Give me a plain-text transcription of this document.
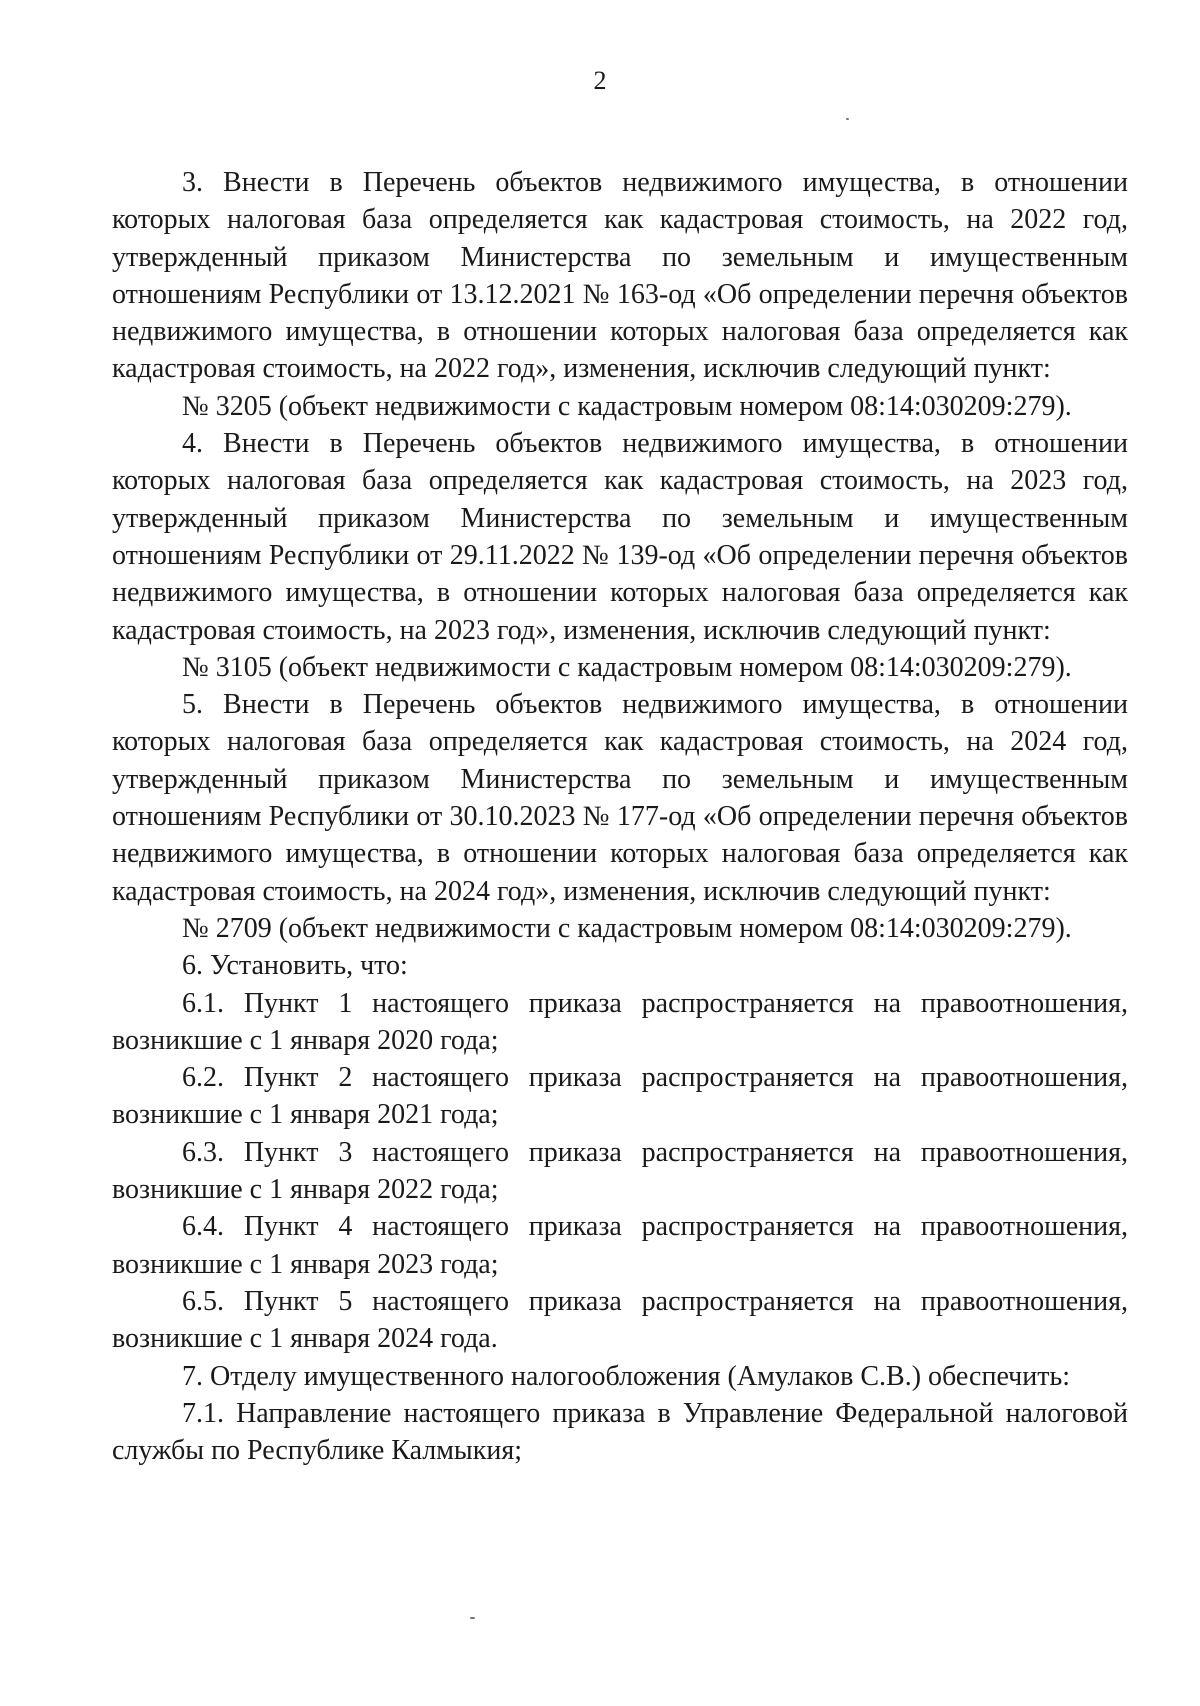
2

3. Внести в Перечень объектов недвижимого имущества, в отношении которых налоговая база определяется как кадастровая стоимость, на 2022 год, утвержденный приказом Министерства по земельным и имущественным отношениям Республики от 13.12.2021 № 163-од «Об определении перечня объектов недвижимого имущества, в отношении которых налоговая база определяется как кадастровая стоимость, на 2022 год», изменения, исключив следующий пункт:

№ 3205 (объект недвижимости с кадастровым номером 08:14:030209:279).

4. Внести в Перечень объектов недвижимого имущества, в отношении которых налоговая база определяется как кадастровая стоимость, на 2023 год, утвержденный приказом Министерства по земельным и имущественным отношениям Республики от 29.11.2022 № 139-од «Об определении перечня объектов недвижимого имущества, в отношении которых налоговая база определяется как кадастровая стоимость, на 2023 год», изменения, исключив следующий пункт:

№ 3105 (объект недвижимости с кадастровым номером 08:14:030209:279).

5. Внести в Перечень объектов недвижимого имущества, в отношении которых налоговая база определяется как кадастровая стоимость, на 2024 год, утвержденный приказом Министерства по земельным и имущественным отношениям Республики от 30.10.2023 № 177-од «Об определении перечня объектов недвижимого имущества, в отношении которых налоговая база определяется как кадастровая стоимость, на 2024 год», изменения, исключив следующий пункт:

№ 2709 (объект недвижимости с кадастровым номером 08:14:030209:279).

6. Установить, что:

6.1. Пункт 1 настоящего приказа распространяется на правоотношения, возникшие с 1 января 2020 года;

6.2. Пункт 2 настоящего приказа распространяется на правоотношения, возникшие с 1 января 2021 года;

6.3. Пункт 3 настоящего приказа распространяется на правоотношения, возникшие с 1 января 2022 года;

6.4. Пункт 4 настоящего приказа распространяется на правоотношения, возникшие с 1 января 2023 года;

6.5. Пункт 5 настоящего приказа распространяется на правоотношения, возникшие с 1 января 2024 года.

7. Отделу имущественного налогообложения (Амулаков С.В.) обеспечить:

7.1. Направление настоящего приказа в Управление Федеральной налоговой службы по Республике Калмыкия;
